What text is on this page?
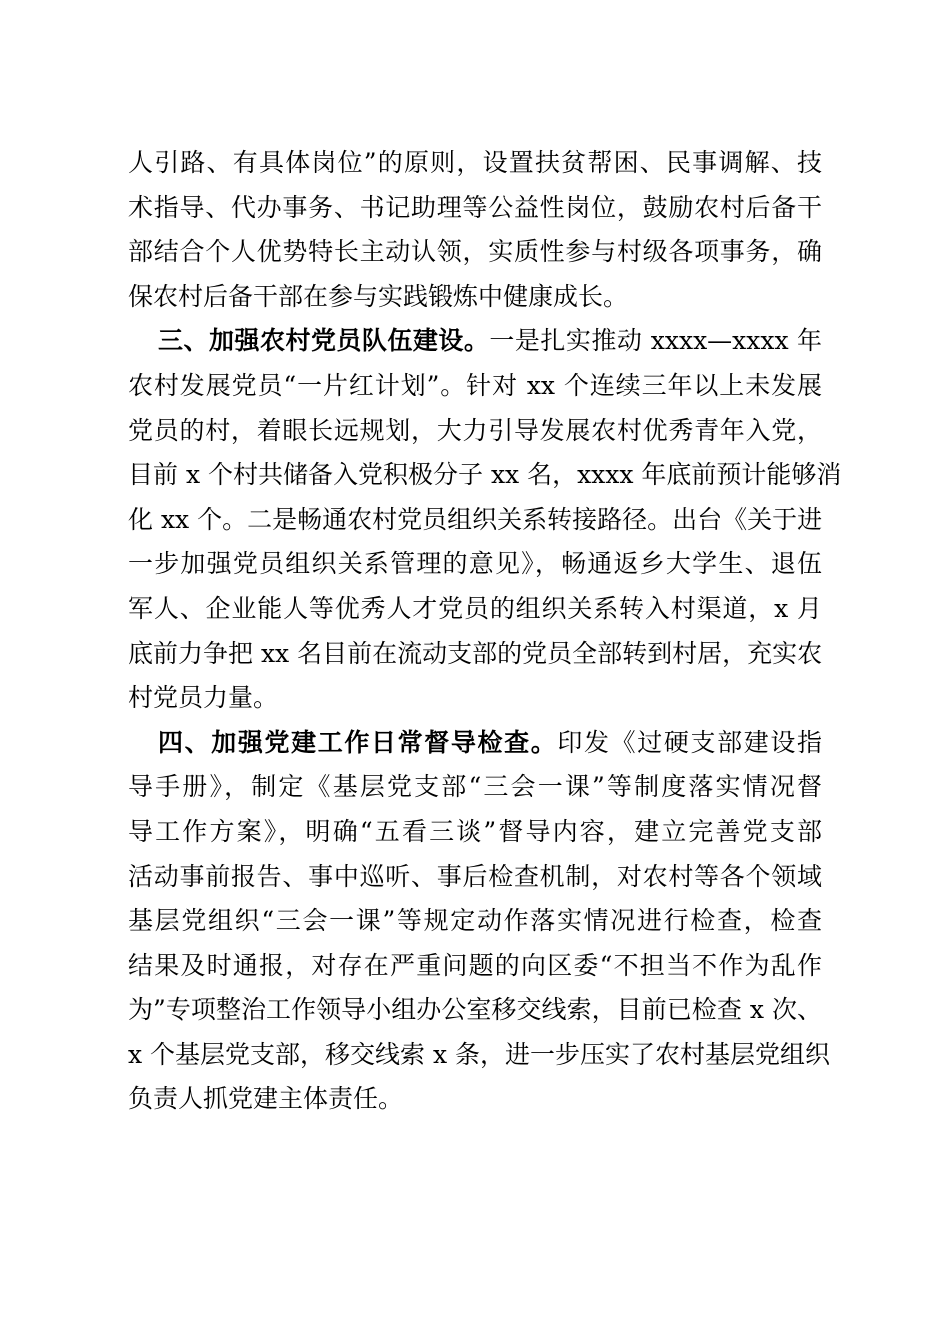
人引路、有具体岗位”的原则，设置扶贫帮困、民事调解、技
术指导、代办事务、书记助理等公益性岗位，鼓励农村后备干
部结合个人优势特长主动认领，实质性参与村级各项事务，确
保农村后备干部在参与实践锻炼中健康成长。
三、加强农村党员队伍建设。一是扎实推动 xxxx—xxxx 年
农村发展党员“一片红计划”。针对 xx 个连续三年以上未发展
党员的村，着眼长远规划，大力引导发展农村优秀青年入党，
目前 x 个村共储备入党积极分子 xx 名，xxxx 年底前预计能够消
化 xx 个。二是畅通农村党员组织关系转接路径。出台《关于进
一步加强党员组织关系管理的意见》，畅通返乡大学生、退伍
军人、企业能人等优秀人才党员的组织关系转入村渠道，x 月
底前力争把 xx 名目前在流动支部的党员全部转到村居，充实农
村党员力量。
四、加强党建工作日常督导检查。印发《过硬支部建设指
导手册》，制定《基层党支部“三会一课”等制度落实情况督
导工作方案》，明确“五看三谈”督导内容，建立完善党支部
活动事前报告、事中巡听、事后检查机制，对农村等各个领域
基层党组织“三会一课”等规定动作落实情况进行检查，检查
结果及时通报，对存在严重问题的向区委“不担当不作为乱作
为”专项整治工作领导小组办公室移交线索，目前已检查 x 次、
x 个基层党支部，移交线索 x 条，进一步压实了农村基层党组织
负责人抓党建主体责任。
